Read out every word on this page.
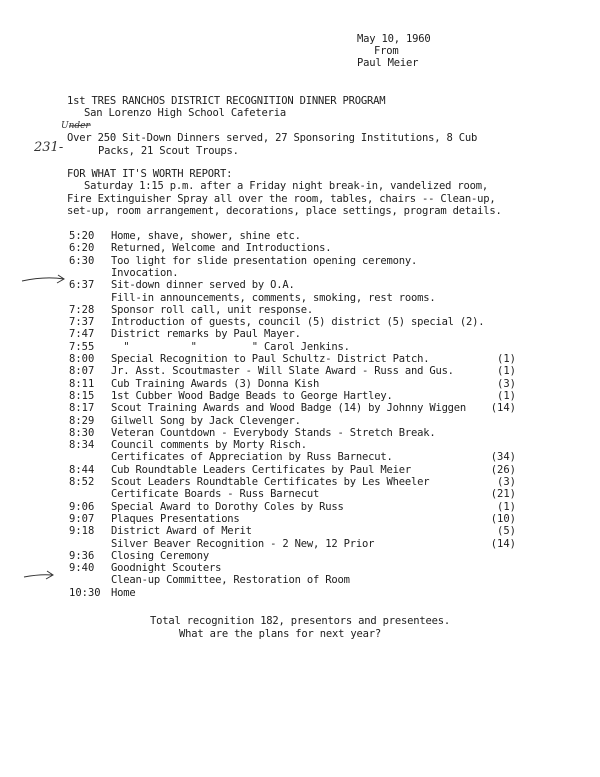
May 10, 1960
From
Paul Meier
1st TRES RANCHOS DISTRICT RECOGNITION DINNER PROGRAM
San Lorenzo High School Cafeteria
Under
231-
Over 250 Sit-Down Dinners served, 27 Sponsoring Institutions, 8 Cub
Packs, 21 Scout Troups.
FOR WHAT IT'S WORTH REPORT:
Saturday 1:15 p.m. after a Friday night break-in, vandelized room,
Fire Extinguisher Spray all over the room, tables, chairs -- Clean-up,
set-up, room arrangement, decorations, place settings, program details.
5:20 Home, shave, shower, shine etc.
6:20 Returned, Welcome and Introductions.
6:30 Too light for slide presentation opening ceremony.
Invocation.
6:37 Sit-down dinner served by O.A.
Fill-in announcements, comments, smoking, rest rooms.
7:28 Sponsor roll call, unit response.
7:37 Introduction of guests, council (5) district (5) special (2).
7:47 District remarks by Paul Mayer.
7:55 "          "         " Carol Jenkins.
8:00 Special Recognition to Paul Schultz- District Patch.	(1)
8:07 Jr. Asst. Scoutmaster - Will Slate Award - Russ and Gus.	(1)
8:11 Cub Training Awards (3) Donna Kish	(3)
8:15 1st Cubber Wood Badge Beads to George Hartley.	(1)
8:17 Scout Training Awards and Wood Badge (14) by Johnny Wiggen	(14)
8:29 Gilwell Song by Jack Clevenger.
8:30 Veteran Countdown - Everybody Stands - Stretch Break.
8:34 Council comments by Morty Risch.
Certificates of Appreciation by Russ Barnecut.	(34)
8:44 Cub Roundtable Leaders Certificates by Paul Meier	(26)
8:52 Scout Leaders Roundtable Certificates by Les Wheeler	(3)
Certificate Boards - Russ Barnecut	(21)
9:06 Special Award to Dorothy Coles by Russ	(1)
9:07 Plaques Presentations	(10)
9:18 District Award of Merit	(5)
Silver Beaver Recognition - 2 New, 12 Prior	(14)
9:36 Closing Ceremony
9:40 Goodnight Scouters
Clean-up Committee, Restoration of Room
10:30 Home
Total recognition 182, presentors and presentees.
What are the plans for next year?
